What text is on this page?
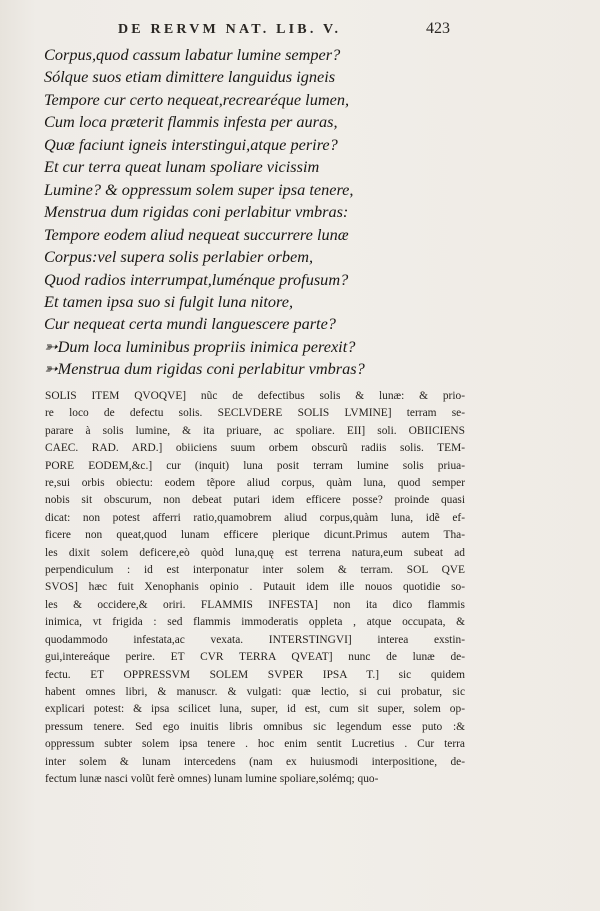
DE RERVM NAT. LIB. V.	423
Corpus,quod cassum labatur lumine semper?
Sólque suos etiam dimittere languidus igneis
Tempore cur certo nequeat,recrearéque lumen,
Cum loca præterit flammis infesta per auras,
Quæ faciunt igneis interstingui,atque perire?
Et cur terra queat lunam spoliare vicissim
Lumine? & oppressum solem super ipsa tenere,
Menstrua dum rigidas coni perlabitur vmbras:
Tempore eodem aliud nequeat succurrere lunæ
Corpus:vel supera solis perlabier orbem,
Quod radios interrumpat,luménque profusum?
Et tamen ipsa suo si fulgit luna nitore,
Cur nequeat certa mundi languescere parte?
➳Dum loca luminibus propriis inimica perexit?
➳Menstrua dum rigidas coni perlabitur vmbras?
SOLIS ITEM QVOQVE] nũc de defectibus solis & lunæ: & prio-
re loco de defectu solis. SECLVDERE SOLIS LVMINE] terram se-
parare à solis lumine, & ita priuare, ac spoliare. EII] soli. OBIICIENS
CAEC. RAD. ARD.] obiiciens suum orbem obscurũ radiis solis. TEM-
PORE EODEM,&c.] cur (inquit) luna posit terram lumine solis priua-
re,sui orbis obiectu: eodem tẽpore aliud corpus, quàm luna, quod semper
nobis sit obscurum, non debeat putari idem efficere posse? proinde quasi
dicat: non potest afferri ratio,quamobrem aliud corpus,quàm luna, idẽ ef-
ficere non queat,quod lunam efficere plerique dicunt.Primus autem Tha-
les dixit solem deficere,eò quòd luna,quę est terrena natura,eum subeat ad
perpendiculum : id est interponatur inter solem & terram. SOL QVE
SVOS] hæc fuit Xenophanis opinio . Putauit idem ille nouos quotidie so-
les & occidere,& oriri. FLAMMIS INFESTA] non ita dico flammis
inimica, vt frigida : sed flammis immoderatis oppleta , atque occupata, &
quodammodo infestata,ac vexata. INTERSTINGVI] interea exstin-
gui,intereáque perire. ET CVR TERRA QVEAT] nunc de lunæ de-
fectu. ET OPPRESSVM SOLEM SVPER IPSA T.] sic quidem
habent omnes libri, & manuscr. & vulgati: quæ lectio, si cui probatur, sic
explicari potest: & ipsa scilicet luna, super, id est, cum sit super, solem op-
pressum tenere. Sed ego inuitis libris omnibus sic legendum esse puto :&
oppressum subter solem ipsa tenere . hoc enim sentit Lucretius . Cur terra
inter solem & lunam intercedens (nam ex huiusmodi interpositione, de-
fectum lunæ nasci volũt ferè omnes) lunam lumine spoliare,solémq; quo-
